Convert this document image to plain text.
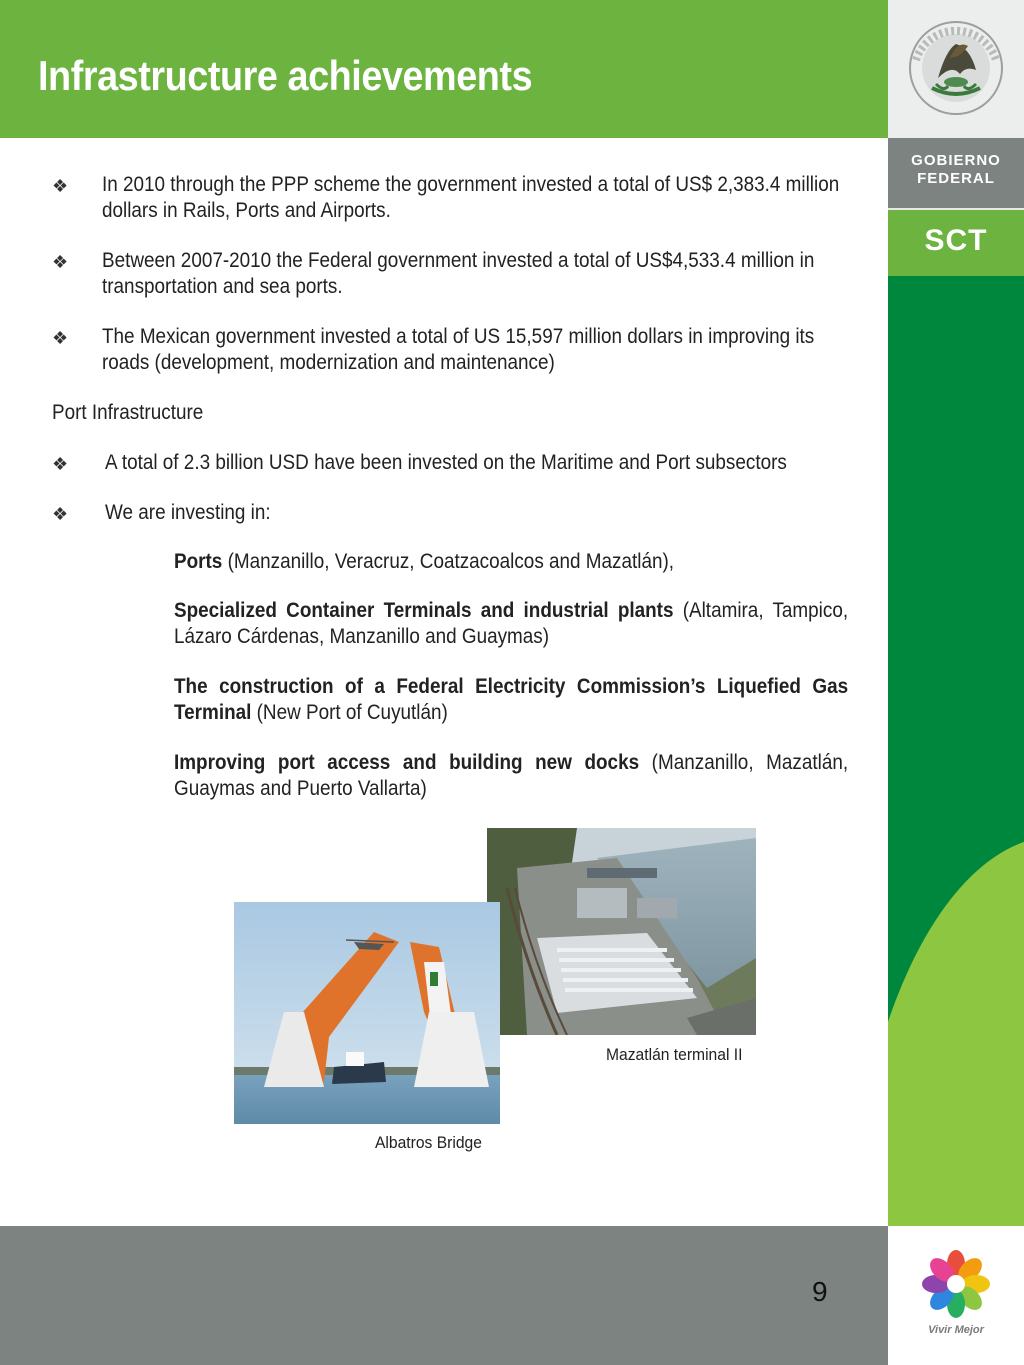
Infrastructure achievements
GOBIERNO
FEDERAL
SCT
Vivir Mejor
9
❖ In 2010 through the PPP scheme the government invested a total of US$ 2,383.4 million dollars in Rails, Ports and Airports.
❖ Between 2007-2010 the Federal government invested a total of US$4,533.4 million in transportation and sea ports.
❖ The Mexican government invested a total of US 15,597 million dollars in improving its roads (development, modernization and maintenance)
Port Infrastructure
❖ A total of 2.3 billion USD have been invested on the Maritime and Port subsectors
❖ We are investing in:
Ports (Manzanillo, Veracruz, Coatzacoalcos and Mazatlán),
Specialized Container Terminals and industrial plants (Altamira, Tampico, Lázaro Cárdenas, Manzanillo and Guaymas)
The construction of a Federal Electricity Commission’s Liquefied Gas Terminal (New Port of Cuyutlán)
Improving port access and building new docks (Manzanillo, Mazatlán, Guaymas and Puerto Vallarta)
Mazatlán terminal II
Albatros Bridge
